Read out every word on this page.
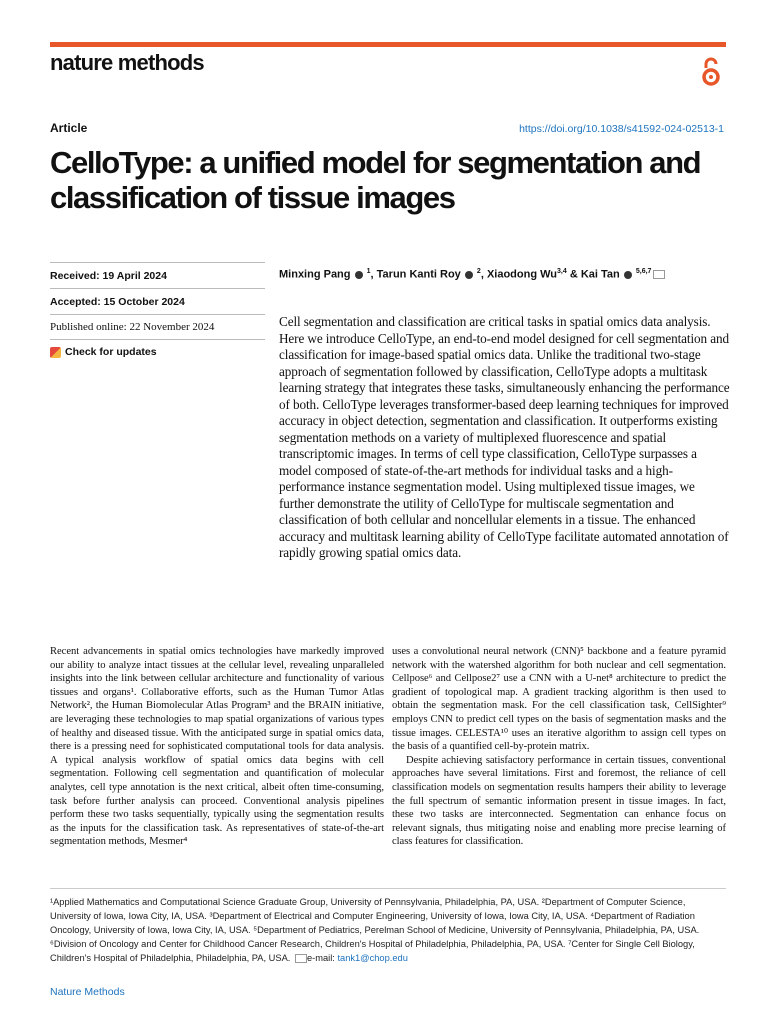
nature methods
Article	https://doi.org/10.1038/s41592-024-02513-1
CelloType: a unified model for segmentation and classification of tissue images
Received: 19 April 2024
Accepted: 15 October 2024
Published online: 22 November 2024
Check for updates
Minxing Pang $^1$, Tarun Kanti Roy $^2$, Xiaodong Wu$^{3,4}$ & Kai Tan $^{5,6,7}$

Cell segmentation and classification are critical tasks in spatial omics data analysis. Here we introduce CelloType, an end-to-end model designed for cell segmentation and classification for image-based spatial omics data. Unlike the traditional two-stage approach of segmentation followed by classification, CelloType adopts a multitask learning strategy that integrates these tasks, simultaneously enhancing the performance of both. CelloType leverages transformer-based deep learning techniques for improved accuracy in object detection, segmentation and classification. It outperforms existing segmentation methods on a variety of multiplexed fluorescence and spatial transcriptomic images. In terms of cell type classification, CelloType surpasses a model composed of state-of-the-art methods for individual tasks and a high-performance instance segmentation model. Using multiplexed tissue images, we further demonstrate the utility of CelloType for multiscale segmentation and classification of both cellular and noncellular elements in a tissue. The enhanced accuracy and multitask learning ability of CelloType facilitate automated annotation of rapidly growing spatial omics data.

Recent advancements in spatial omics technologies have markedly improved our ability to analyze intact tissues at the cellular level, revealing unparalleled insights into the link between cellular architecture and functionality of various tissues and organs¹. Collaborative efforts, such as the Human Tumor Atlas Network², the Human Biomolecular Atlas Program³ and the BRAIN initiative, are leveraging these technologies to map spatial organizations of various types of healthy and diseased tissue. With the anticipated surge in spatial omics data, there is a pressing need for sophisticated computational tools for data analysis. A typical analysis workflow of spatial omics data begins with cell segmentation. Following cell segmentation and quantification of molecular analytes, cell type annotation is the next critical, albeit often time-consuming, task before further analysis can proceed. Conventional analysis pipelines perform these two tasks sequentially, typically using the segmentation results as the inputs for the classification task. As representatives of state-of-the-art segmentation methods, Mesmer⁴

uses a convolutional neural network (CNN)⁵ backbone and a feature pyramid network with the watershed algorithm for both nuclear and cell segmentation. Cellpose⁶ and Cellpose2⁷ use a CNN with a U-net⁸ architecture to predict the gradient of topological map. A gradient tracking algorithm is then used to obtain the segmentation mask. For the cell classification task, CellSighter⁹ employs CNN to predict cell types on the basis of segmentation masks and the tissue images. CELESTA¹⁰ uses an iterative algorithm to assign cell types on the basis of a quantified cell-by-protein matrix.

Despite achieving satisfactory performance in certain tissues, conventional approaches have several limitations. First and foremost, the reliance of cell classification models on segmentation results hampers their ability to leverage the full spectrum of semantic information present in tissue images. In fact, these two tasks are interconnected. Segmentation can enhance focus on relevant signals, thus mitigating noise and enabling more precise learning of class features for classification.

¹Applied Mathematics and Computational Science Graduate Group, University of Pennsylvania, Philadelphia, PA, USA. ²Department of Computer Science, University of Iowa, Iowa City, IA, USA. ³Department of Electrical and Computer Engineering, University of Iowa, Iowa City, IA, USA. ⁴Department of Radiation Oncology, University of Iowa, Iowa City, IA, USA. ⁵Department of Pediatrics, Perelman School of Medicine, University of Pennsylvania, Philadelphia, PA, USA. ⁶Division of Oncology and Center for Childhood Cancer Research, Children's Hospital of Philadelphia, Philadelphia, PA, USA. ⁷Center for Single Cell Biology, Children's Hospital of Philadelphia, Philadelphia, PA, USA. e-mail: tank1@chop.edu

Nature Methods
